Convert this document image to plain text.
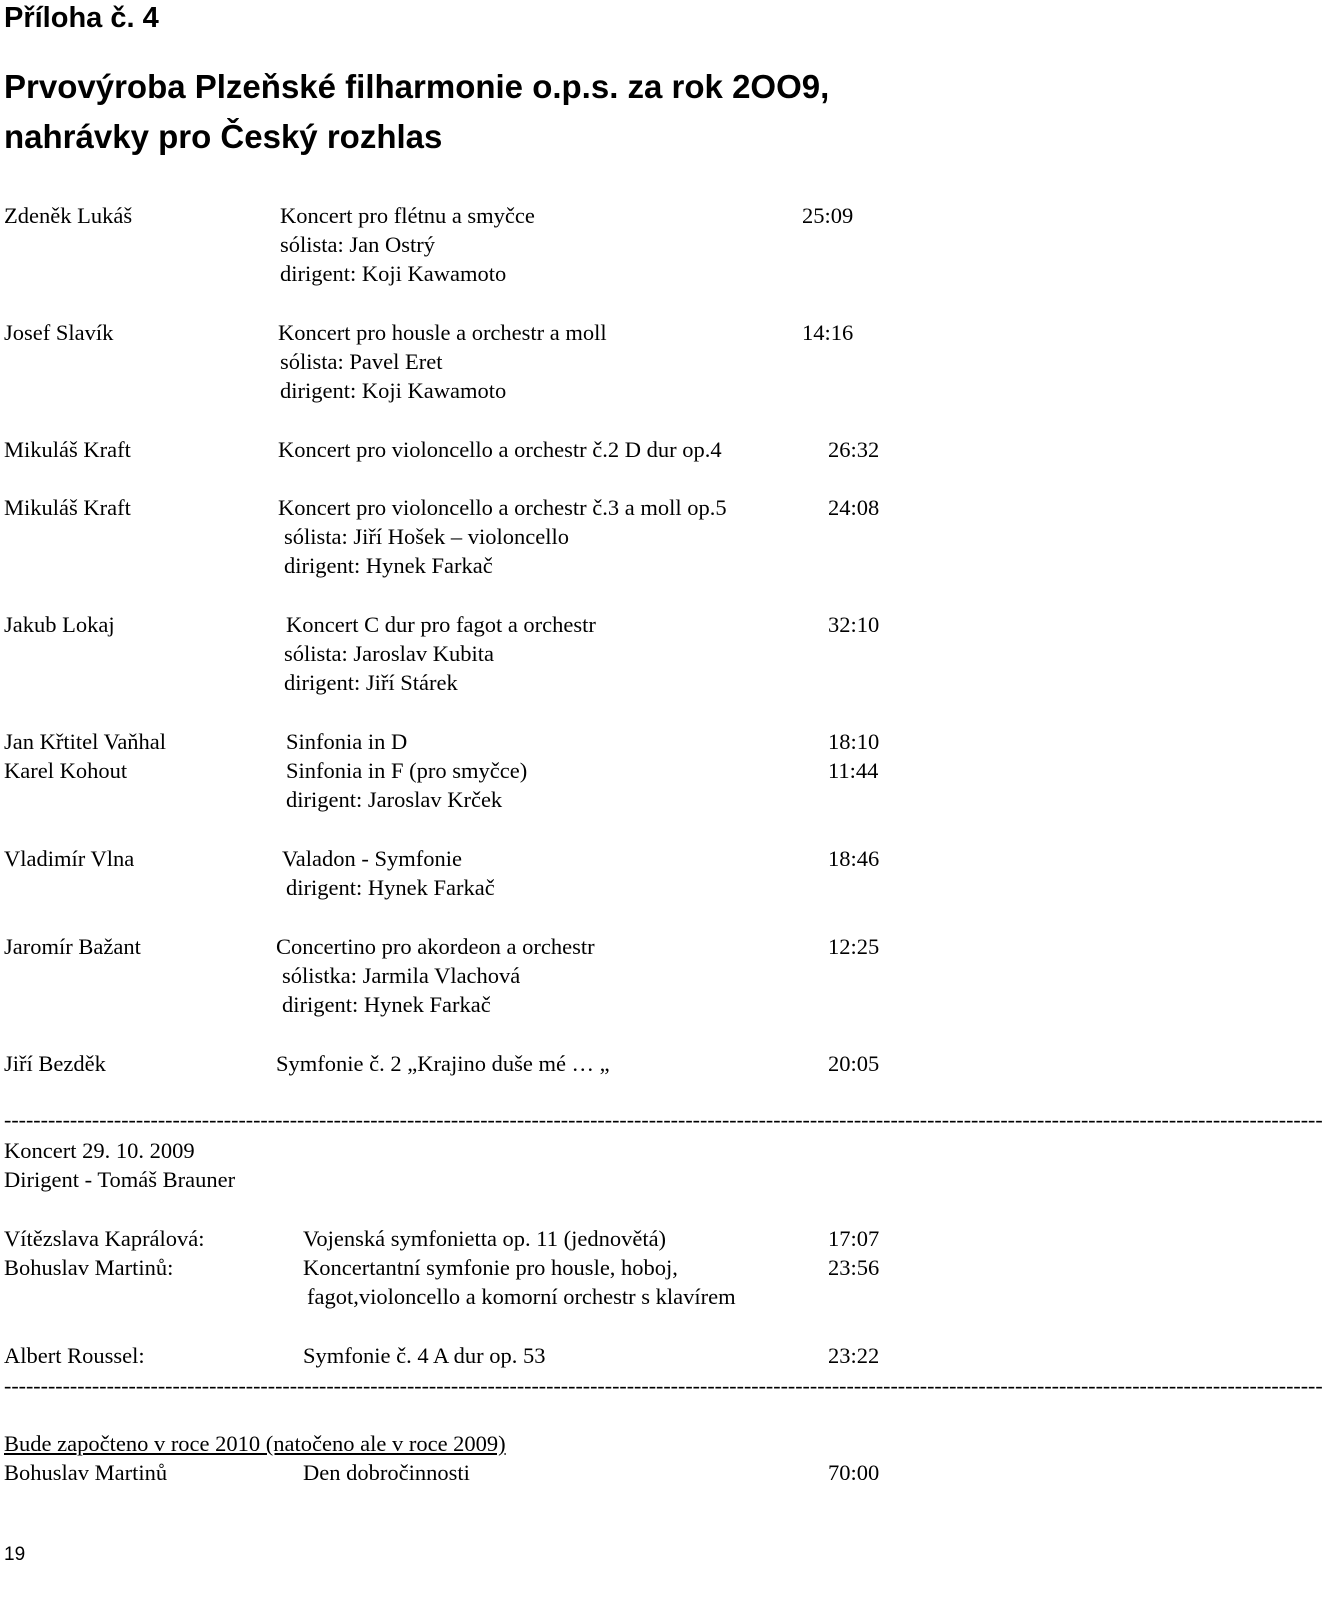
Příloha č. 4
Prvovýroba Plzeňské filharmonie o.p.s. za rok 2OO9,
nahrávky pro Český rozhlas
Zdeněk Lukáš	Koncert pro flétnu a smyčce	25:09
sólista: Jan Ostrý
dirigent: Koji Kawamoto
Josef Slavík	Koncert pro housle a orchestr a moll	14:16
sólista: Pavel Eret
dirigent: Koji Kawamoto
Mikuláš Kraft	Koncert pro violoncello a orchestr č.2 D dur op.4	26:32
Mikuláš Kraft	Koncert pro violoncello a orchestr č.3 a moll op.5	24:08
sólista: Jiří Hošek – violoncello
dirigent: Hynek Farkač
Jakub Lokaj	Koncert C dur pro fagot a orchestr	32:10
sólista: Jaroslav Kubita
dirigent: Jiří Stárek
Jan Křtitel Vaňhal	Sinfonia in D	18:10
Karel Kohout	Sinfonia in F (pro smyčce)	11:44
dirigent: Jaroslav Krček
Vladimír Vlna	Valadon - Symfonie	18:46
dirigent: Hynek Farkač
Jaromír Bažant	Concertino pro akordeon a orchestr	12:25
sólistka: Jarmila Vlachová
dirigent: Hynek Farkač
Jiří Bezděk	Symfonie č. 2 „Krajino duše mé … „	20:05
------------------------------------------------------------------------------------------------------------------------------------------------------------------------------------
Koncert 29. 10. 2009
Dirigent - Tomáš Brauner
Vítězslava Kaprálová:	Vojenská symfonietta op. 11 (jednovětá)	17:07
Bohuslav Martinů:	Koncertantní symfonie pro housle, hoboj,	23:56
fagot,violoncello a komorní orchestr s klavírem
Albert Roussel:	Symfonie č. 4 A dur op. 53	23:22
------------------------------------------------------------------------------------------------------------------------------------------------------------------------------------
Bude započteno v roce 2010 (natočeno ale v roce 2009)
Bohuslav Martinů	Den dobročinnosti	70:00
19
